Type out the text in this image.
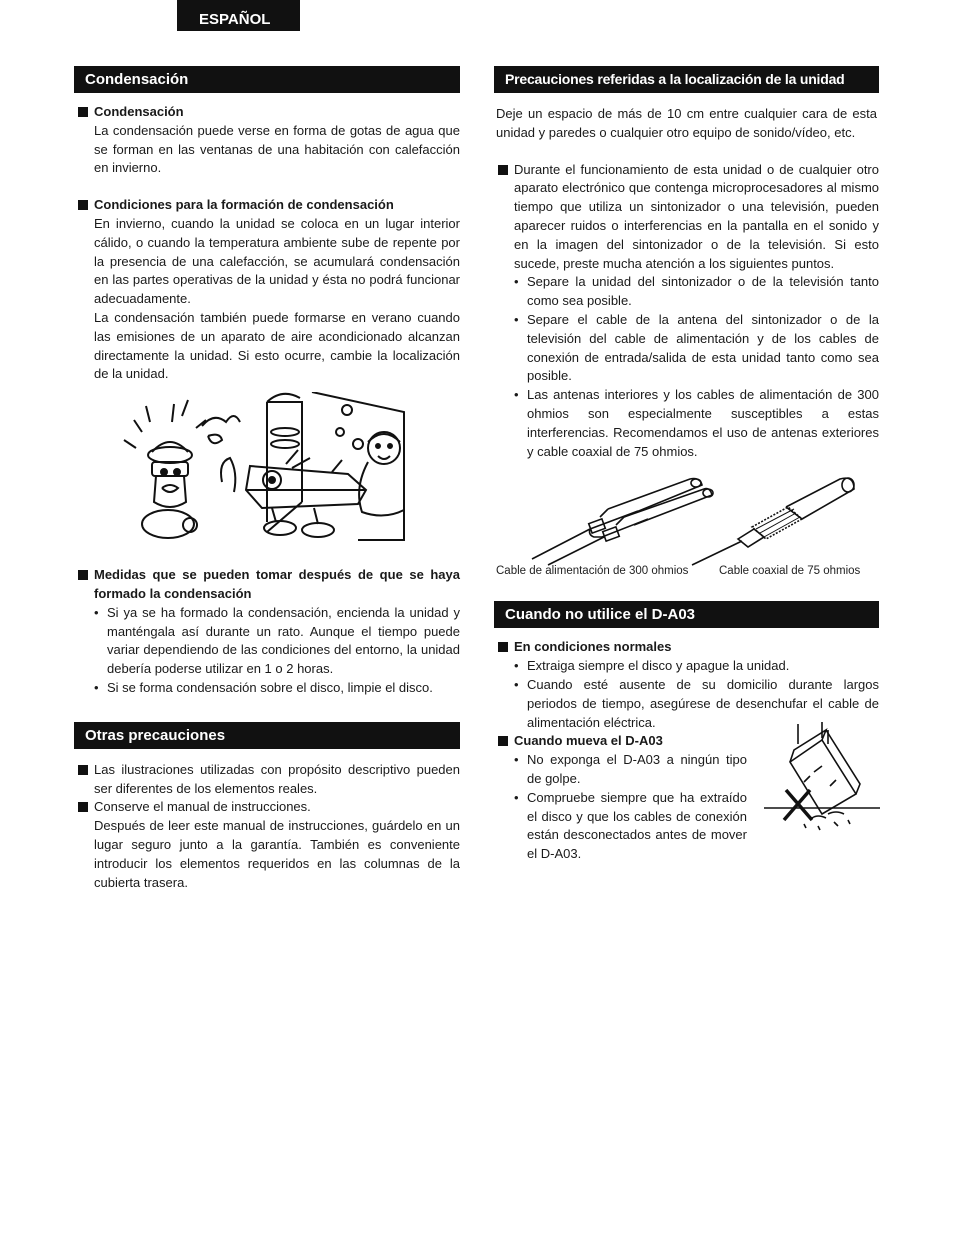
ESPAÑOL
Condensación
Condensación
La condensación puede verse en forma de gotas de agua que se forman en las ventanas de una habitación con calefacción en invierno.
Condiciones para la formación de condensación
En invierno, cuando la unidad se coloca en un lugar interior cálido, o cuando la temperatura ambiente sube de repente por la presencia de una calefacción, se acumulará condensación en las partes operativas de la unidad y ésta no podrá funcionar adecuadamente.
La condensación también puede formarse en verano cuando las emisiones de un aparato de aire acondicionado alcanzan directamente la unidad. Si esto ocurre, cambie la localización de la unidad.
Medidas que se pueden tomar después de que se haya formado la condensación
• Si ya se ha formado la condensación, encienda la unidad y manténgala así durante un rato. Aunque el tiempo puede variar dependiendo de las condiciones del entorno, la unidad debería poderse utilizar en 1 o 2 horas.
• Si se forma condensación sobre el disco, limpie el disco.
Otras precauciones
Las ilustraciones utilizadas con propósito descriptivo pueden ser diferentes de los elementos reales.
Conserve el manual de instrucciones.
Después de leer este manual de instrucciones, guárdelo en un lugar seguro junto a la garantía. También es conveniente introducir los elementos requeridos en las columnas de la cubierta trasera.
Precauciones referidas a la localización de la unidad
Deje un espacio de más de 10 cm entre cualquier cara de esta unidad y paredes o cualquier otro equipo de sonido/vídeo, etc.
Durante el funcionamiento de esta unidad o de cualquier otro aparato electrónico que contenga microprocesadores al mismo tiempo que utiliza un sintonizador o una televisión, pueden aparecer ruidos o interferencias en la pantalla en el sonido y en la imagen del sintonizador o de la televisión. Si esto sucede, preste mucha atención a los siguientes puntos.
• Separe la unidad del sintonizador o de la televisión tanto como sea posible.
• Separe el cable de la antena del sintonizador o de la televisión del cable de alimentación y de los cables de conexión de entrada/salida de esta unidad tanto como sea posible.
• Las antenas interiores y los cables de alimentación de 300 ohmios son especialmente susceptibles a estas interferencias. Recomendamos el uso de antenas exteriores y cable coaxial de 75 ohmios.
Cable de alimentación de 300 ohmios	Cable coaxial de 75 ohmios
Cuando no utilice el D-A03
En condiciones normales
• Extraiga siempre el disco y apague la unidad.
• Cuando esté ausente de su domicilio durante largos periodos de tiempo, asegúrese de desenchufar el cable de alimentación eléctrica.
Cuando mueva el D-A03
• No exponga el D-A03 a ningún tipo de golpe.
• Compruebe siempre que ha extraído el disco y que los cables de conexión están desconectados antes de mover el D-A03.
